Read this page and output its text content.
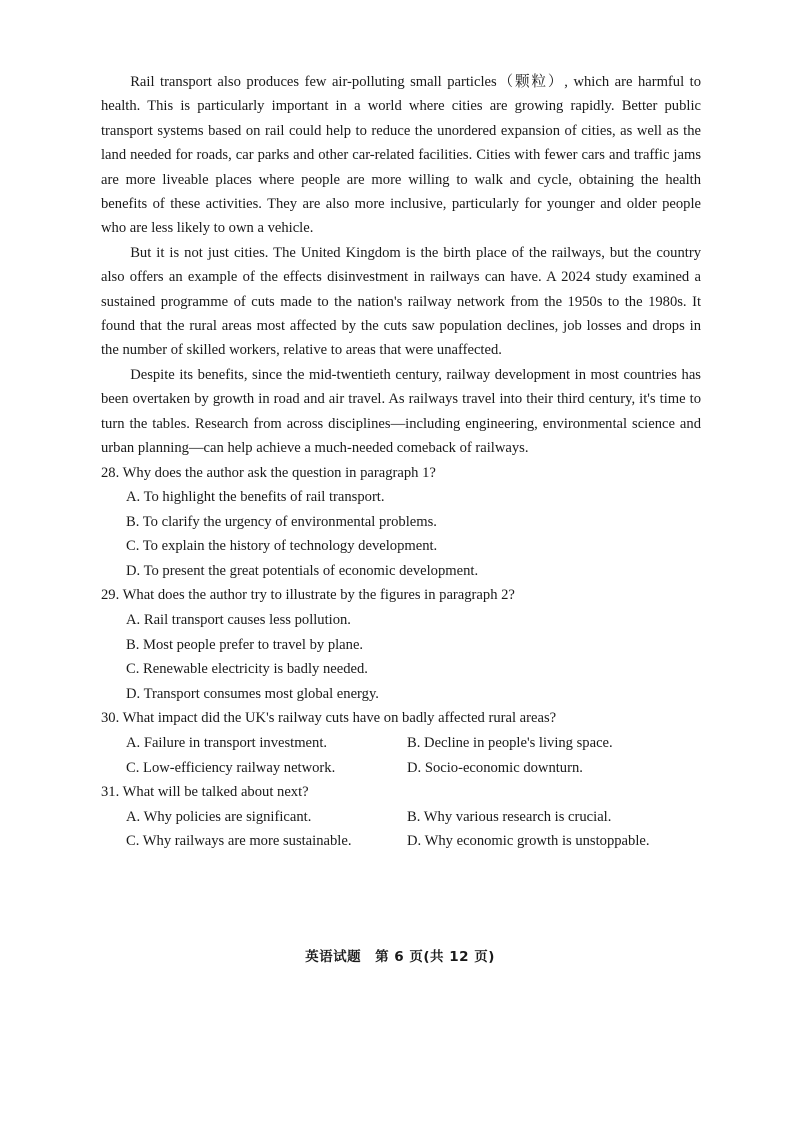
Rail transport also produces few air-polluting small particles（颗粒）, which are harmful to health. This is particularly important in a world where cities are growing rapidly. Better public transport systems based on rail could help to reduce the unordered expansion of cities, as well as the land needed for roads, car parks and other car-related facilities. Cities with fewer cars and traffic jams are more liveable places where people are more willing to walk and cycle, obtaining the health benefits of these activities. They are also more inclusive, particularly for younger and older people who are less likely to own a vehicle.

But it is not just cities. The United Kingdom is the birth place of the railways, but the country also offers an example of the effects disinvestment in railways can have. A 2024 study examined a sustained programme of cuts made to the nation's railway network from the 1950s to the 1980s. It found that the rural areas most affected by the cuts saw population declines, job losses and drops in the number of skilled workers, relative to areas that were unaffected.

Despite its benefits, since the mid-twentieth century, railway development in most countries has been overtaken by growth in road and air travel. As railways travel into their third century, it's time to turn the tables. Research from across disciplines—including engineering, environmental science and urban planning—can help achieve a much-needed comeback of railways.

28. Why does the author ask the question in paragraph 1?

A. To highlight the benefits of rail transport.
B. To clarify the urgency of environmental problems.
C. To explain the history of technology development.
D. To present the great potentials of economic development.

29. What does the author try to illustrate by the figures in paragraph 2?

A. Rail transport causes less pollution.
B. Most people prefer to travel by plane.
C. Renewable electricity is badly needed.
D. Transport consumes most global energy.

30. What impact did the UK's railway cuts have on badly affected rural areas?

A. Failure in transport investment.	B. Decline in people's living space.
C. Low-efficiency railway network.	D. Socio-economic downturn.

31. What will be talked about next?

A. Why policies are significant.	B. Why various research is crucial.
C. Why railways are more sustainable.	D. Why economic growth is unstoppable.
英语试题　第 6 页(共 12 页)
